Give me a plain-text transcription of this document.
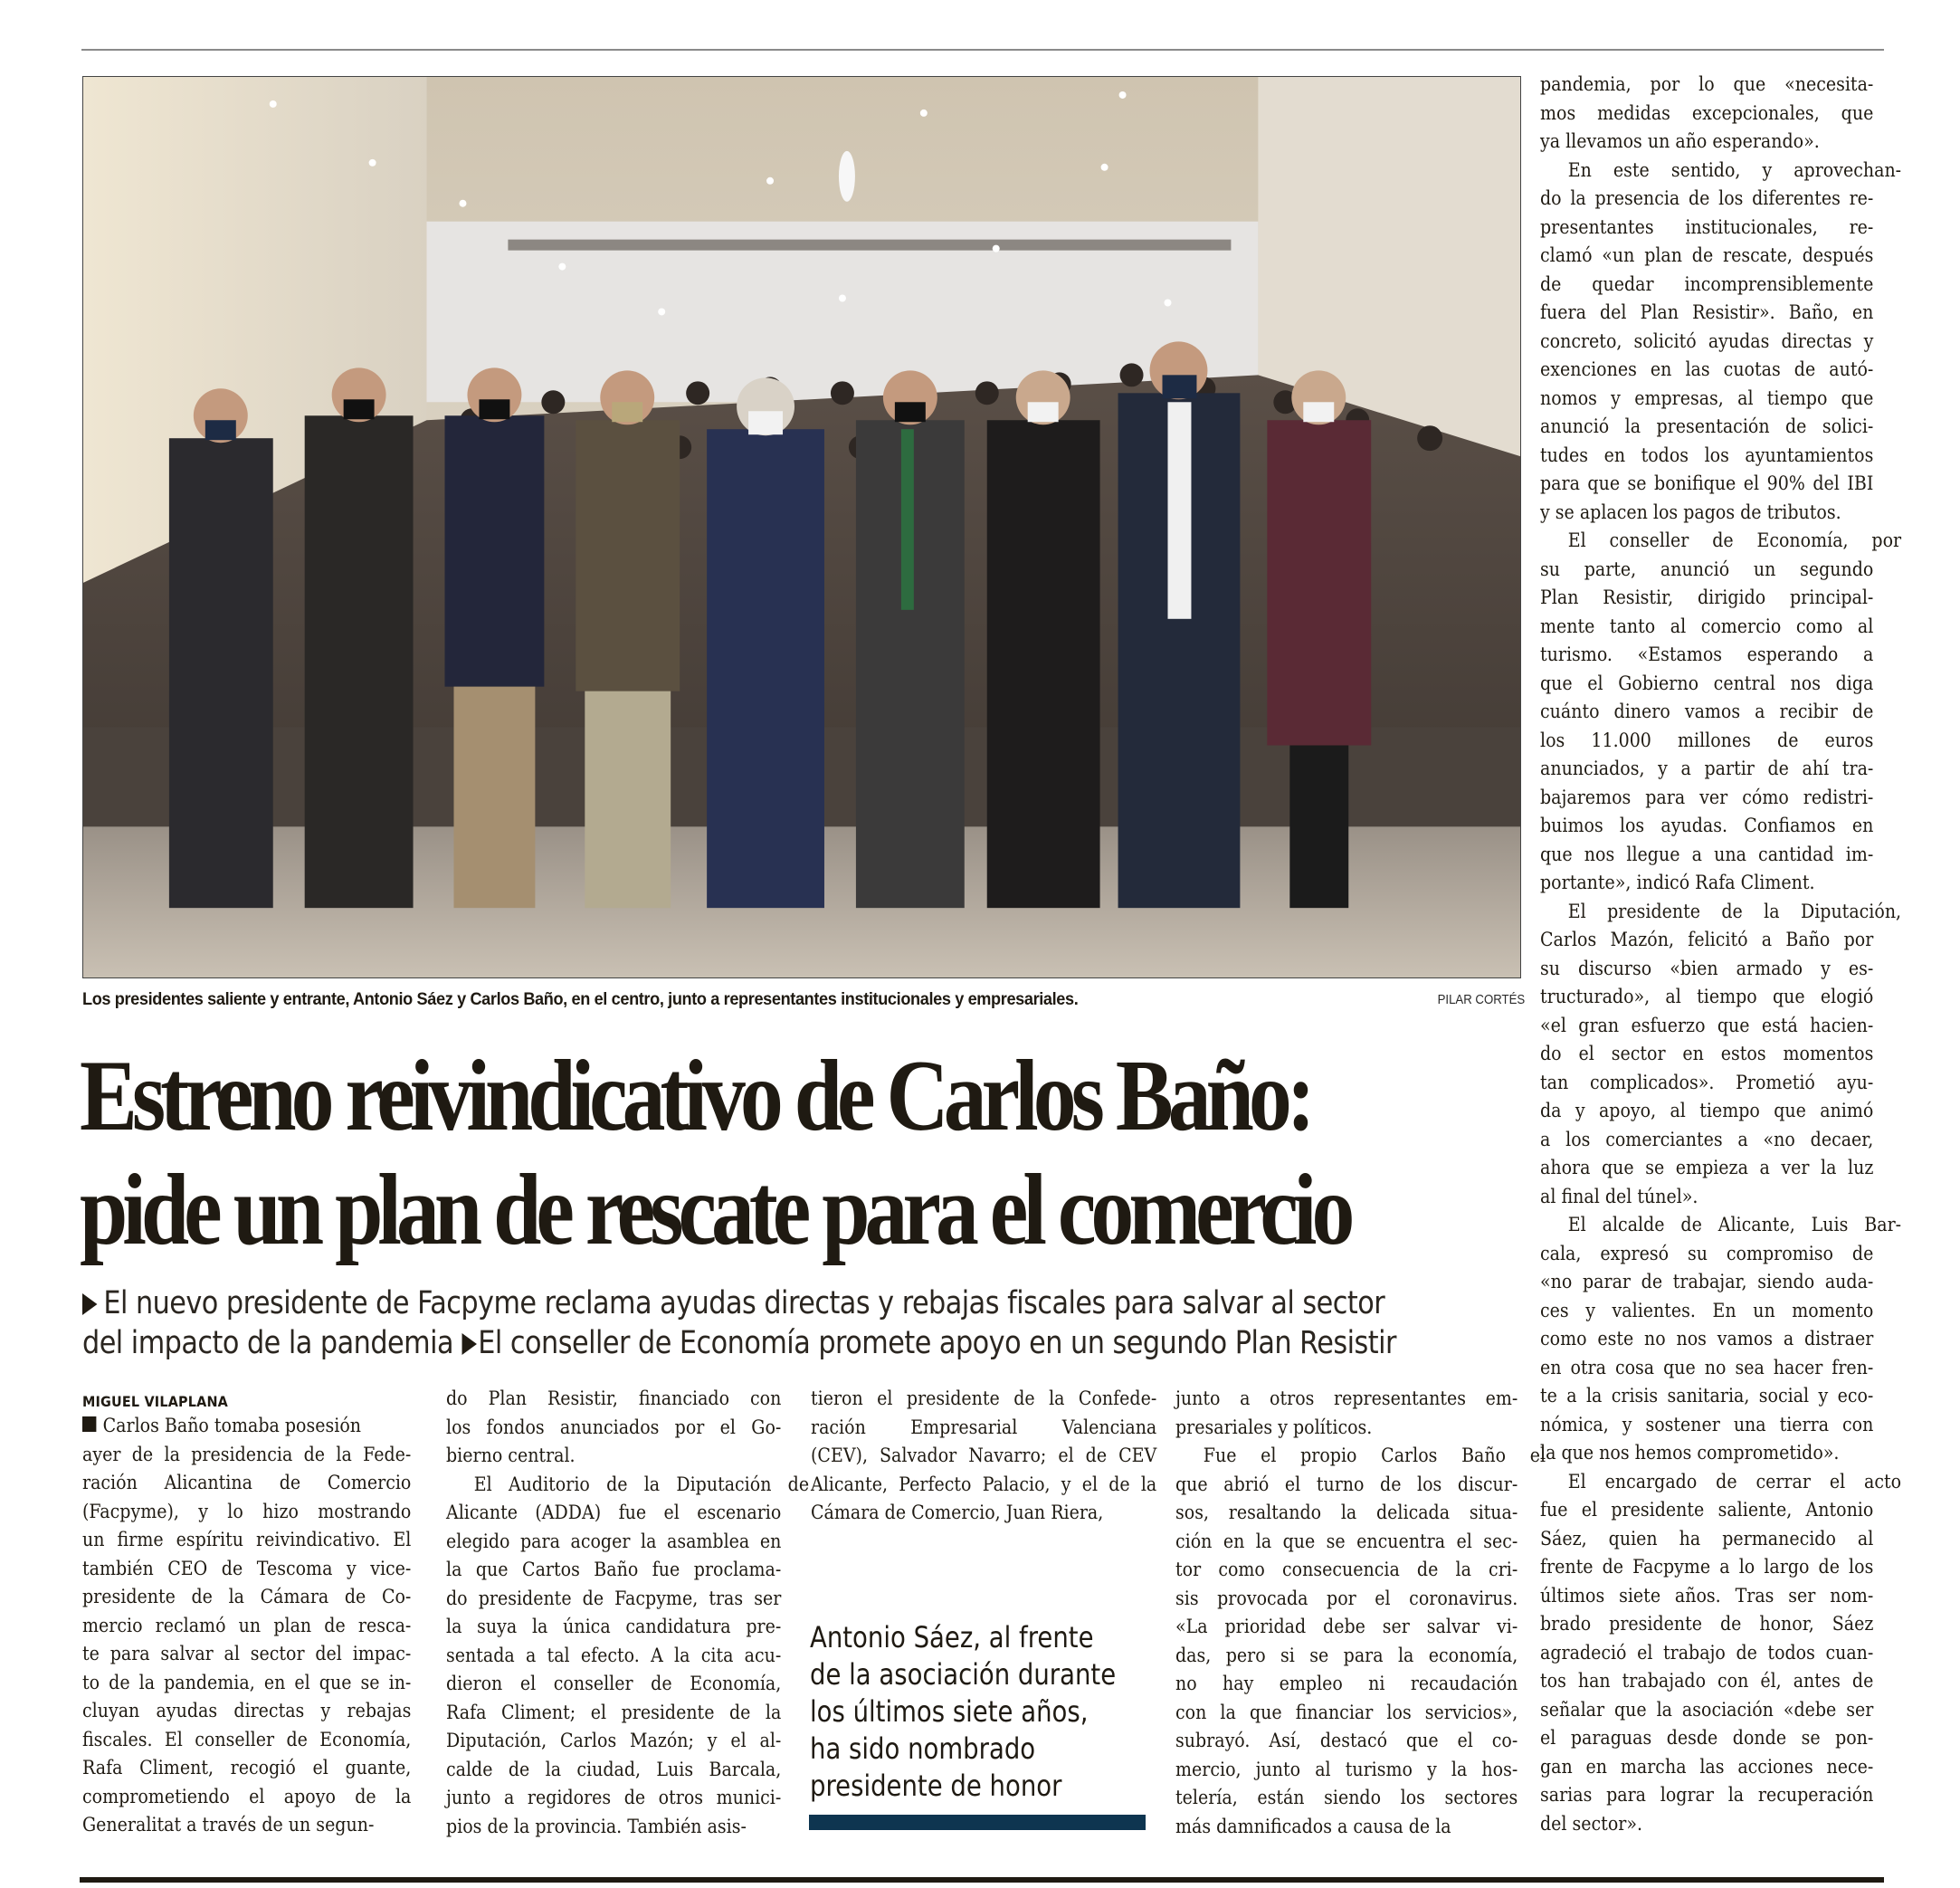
Los presidentes saliente y entrante, Antonio Sáez y Carlos Baño, en el centro, junto a representantes institucionales y empresariales.	PILAR CORTÉS
Estreno reivindicativo de Carlos Baño:
pide un plan de rescate para el comercio
El nuevo presidente de Facpyme reclama ayudas directas y rebajas fiscales para salvar al sector
del impacto de la pandemia El conseller de Economía promete apoyo en un segundo Plan Resistir
MIGUEL VILAPLANA

Carlos Baño tomaba posesión
ayer de la presidencia de la Fede-
ración Alicantina de Comercio
(Facpyme), y lo hizo mostrando
un firme espíritu reivindicativo. El
también CEO de Tescoma y vice-
presidente de la Cámara de Co-
mercio reclamó un plan de resca-
te para salvar al sector del impac-
to de la pandemia, en el que se in-
cluyan ayudas directas y rebajas
fiscales. El conseller de Economía,
Rafa Climent, recogió el guante,
comprometiendo el apoyo de la
Generalitat a través de un segun-

do Plan Resistir, financiado con
los fondos anunciados por el Go-
bierno central.

El Auditorio de la Diputación de
Alicante (ADDA) fue el escenario
elegido para acoger la asamblea en
la que Cartos Baño fue proclama-
do presidente de Facpyme, tras ser
la suya la única candidatura pre-
sentada a tal efecto. A la cita acu-
dieron el conseller de Economía,
Rafa Climent; el presidente de la
Diputación, Carlos Mazón; y el al-
calde de la ciudad, Luis Barcala,
junto a regidores de otros munici-
pios de la provincia. También asis-

tieron el presidente de la Confede-
ración Empresarial Valenciana
(CEV), Salvador Navarro; el de CEV
Alicante, Perfecto Palacio, y el de la
Cámara de Comercio, Juan Riera,

Antonio Sáez, al frente
de la asociación durante
los últimos siete años,
ha sido nombrado
presidente de honor

junto a otros representantes em-
presariales y políticos.

Fue el propio Carlos Baño el
que abrió el turno de los discur-
sos, resaltando la delicada situa-
ción en la que se encuentra el sec-
tor como consecuencia de la cri-
sis provocada por el coronavirus.
«La prioridad debe ser salvar vi-
das, pero si se para la economía,
no hay empleo ni recaudación
con la que financiar los servicios»,
subrayó. Así, destacó que el co-
mercio, junto al turismo y la hos-
telería, están siendo los sectores
más damnificados a causa de la

pandemia, por lo que «necesita-
mos medidas excepcionales, que
ya llevamos un año esperando».

En este sentido, y aprovechan-
do la presencia de los diferentes re-
presentantes institucionales, re-
clamó «un plan de rescate, después
de quedar incomprensiblemente
fuera del Plan Resistir». Baño, en
concreto, solicitó ayudas directas y
exenciones en las cuotas de autó-
nomos y empresas, al tiempo que
anunció la presentación de solici-
tudes en todos los ayuntamientos
para que se bonifique el 90% del IBI
y se aplacen los pagos de tributos.

El conseller de Economía, por
su parte, anunció un segundo
Plan Resistir, dirigido principal-
mente tanto al comercio como al
turismo. «Estamos esperando a
que el Gobierno central nos diga
cuánto dinero vamos a recibir de
los 11.000 millones de euros
anunciados, y a partir de ahí tra-
bajaremos para ver cómo redistri-
buimos los ayudas. Confiamos en
que nos llegue a una cantidad im-
portante», indicó Rafa Climent.

El presidente de la Diputación,
Carlos Mazón, felicitó a Baño por
su discurso «bien armado y es-
tructurado», al tiempo que elogió
«el gran esfuerzo que está hacien-
do el sector en estos momentos
tan complicados». Prometió ayu-
da y apoyo, al tiempo que animó
a los comerciantes a «no decaer,
ahora que se empieza a ver la luz
al final del túnel».

El alcalde de Alicante, Luis Bar-
cala, expresó su compromiso de
«no parar de trabajar, siendo auda-
ces y valientes. En un momento
como este no nos vamos a distraer
en otra cosa que no sea hacer fren-
te a la crisis sanitaria, social y eco-
nómica, y sostener una tierra con
la que nos hemos comprometido».

El encargado de cerrar el acto
fue el presidente saliente, Antonio
Sáez, quien ha permanecido al
frente de Facpyme a lo largo de los
últimos siete años. Tras ser nom-
brado presidente de honor, Sáez
agradeció el trabajo de todos cuan-
tos han trabajado con él, antes de
señalar que la asociación «debe ser
el paraguas desde donde se pon-
gan en marcha las acciones nece-
sarias para lograr la recuperación
del sector».
